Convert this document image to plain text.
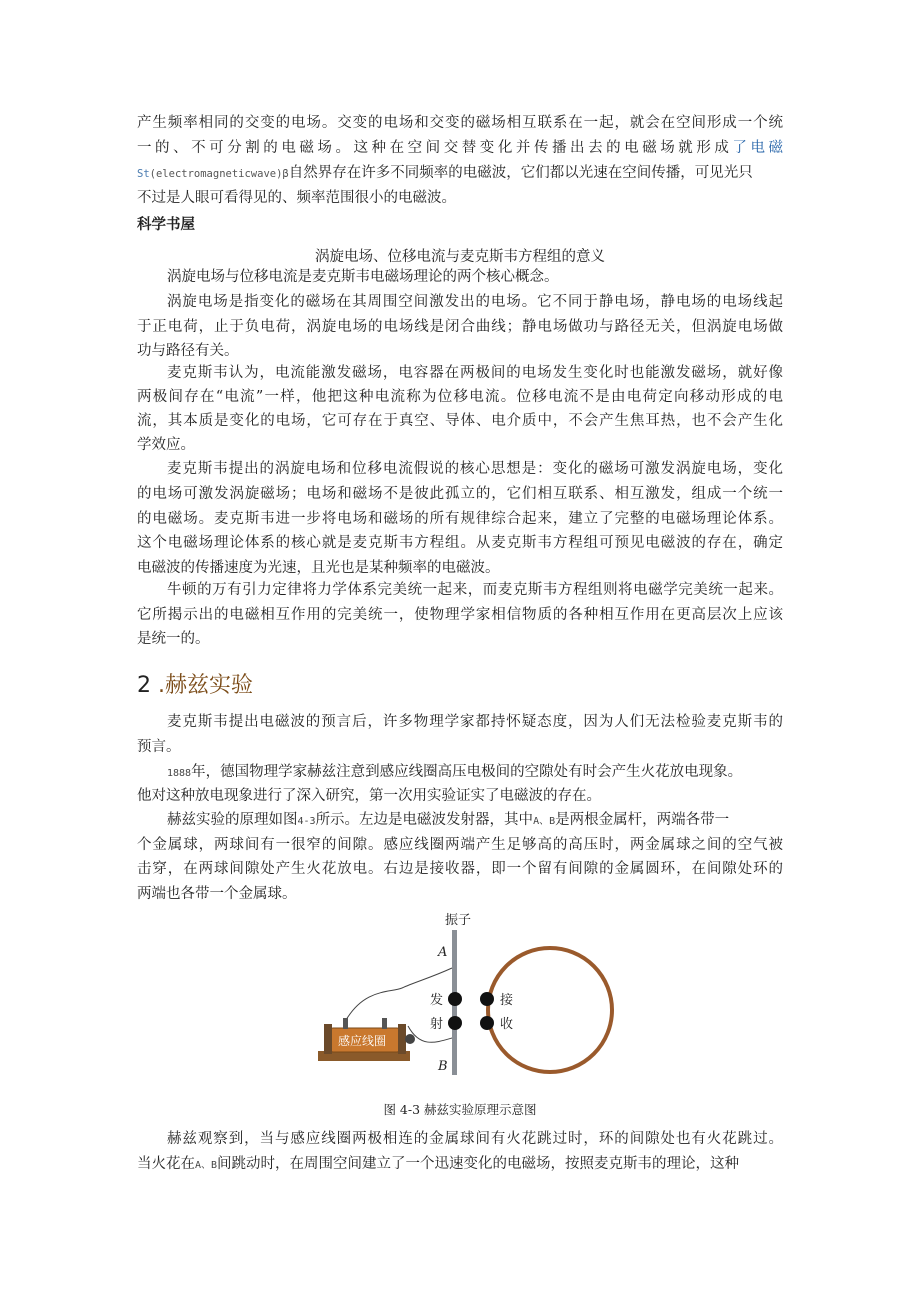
产生频率相同的交变的电场。交变的电场和交变的磁场相互联系在一起，就会在空间形成一个统
一的、不可分割的电磁场。这种在空间交替变化并传播出去的电磁场就形成了电磁
St(electromagneticwave)β自然界存在许多不同频率的电磁波，它们都以光速在空间传播，可见光只
不过是人眼可看得见的、频率范围很小的电磁波。
科学书屋
涡旋电场、位移电流与麦克斯韦方程组的意义
涡旋电场与位移电流是麦克斯韦电磁场理论的两个核心概念。
涡旋电场是指变化的磁场在其周围空间激发出的电场。它不同于静电场，静电场的电场线起
于正电荷，止于负电荷，涡旋电场的电场线是闭合曲线；静电场做功与路径无关，但涡旋电场做
功与路径有关。
麦克斯韦认为，电流能激发磁场，电容器在两极间的电场发生变化时也能激发磁场，就好像
两极间存在“电流”一样，他把这种电流称为位移电流。位移电流不是由电荷定向移动形成的电
流，其本质是变化的电场，它可存在于真空、导体、电介质中，不会产生焦耳热，也不会产生化
学效应。
麦克斯韦提出的涡旋电场和位移电流假说的核心思想是：变化的磁场可激发涡旋电场，变化
的电场可激发涡旋磁场；电场和磁场不是彼此孤立的，它们相互联系、相互激发，组成一个统一
的电磁场。麦克斯韦进一步将电场和磁场的所有规律综合起来，建立了完整的电磁场理论体系。
这个电磁场理论体系的核心就是麦克斯韦方程组。从麦克斯韦方程组可预见电磁波的存在，确定
电磁波的传播速度为光速，且光也是某种频率的电磁波。
牛顿的万有引力定律将力学体系完美统一起来，而麦克斯韦方程组则将电磁学完美统一起来。
它所揭示出的电磁相互作用的完美统一，使物理学家相信物质的各种相互作用在更高层次上应该
是统一的。
2 .赫兹实验
麦克斯韦提出电磁波的预言后，许多物理学家都持怀疑态度，因为人们无法检验麦克斯韦的
预言。
1888年，德国物理学家赫兹注意到感应线圈高压电极间的空隙处有时会产生火花放电现象。
他对这种放电现象进行了深入研究，第一次用实验证实了电磁波的存在。
赫兹实验的原理如图4-3所示。左边是电磁波发射器，其中A、B是两根金属杆，两端各带一
个金属球，两球间有一很窄的间隙。感应线圈两端产生足够高的高压时，两金属球之间的空气被
击穿，在两球间隙处产生火花放电。右边是接收器，即一个留有间隙的金属圆环，在间隙处环的
两端也各带一个金属球。
振子
A
B
发
射
接
收
感应线圈
图 4-3 赫兹实验原理示意图
赫兹观察到，当与感应线圈两极相连的金属球间有火花跳过时，环的间隙处也有火花跳过。
当火花在A、B间跳动时，在周围空间建立了一个迅速变化的电磁场，按照麦克斯韦的理论，这种
